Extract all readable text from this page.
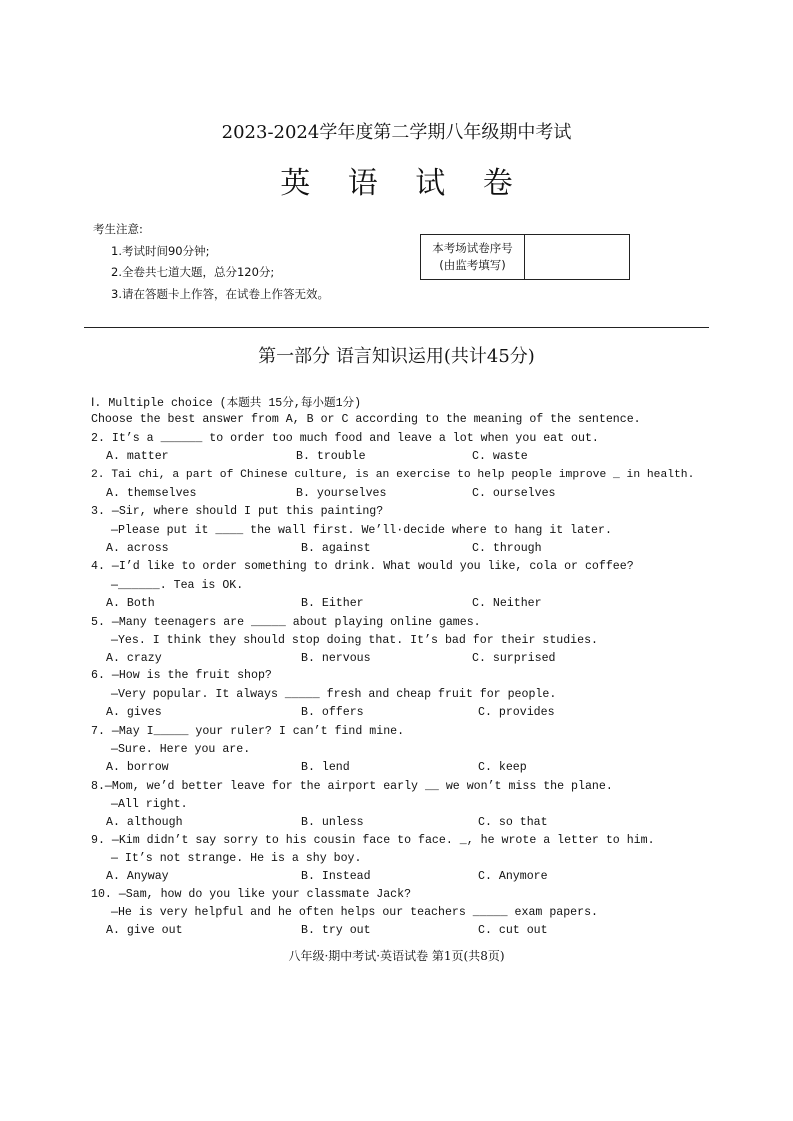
2023-2024学年度第二学期八年级期中考试
英 语 试 卷
考生注意:
1.考试时间90分钟;
2.全卷共七道大题，总分120分;
3.请在答题卡上作答，在试卷上作答无效。
本考场试卷序号
(由监考填写)
第一部分 语言知识运用(共计45分)
Ⅰ. Multiple choice (本题共 15分,每小题1分)
Choose the best answer from A, B or C according to the meaning of the sentence.
2. It’s a ______ to order too much food and leave a lot when you eat out.
A. matter	B. trouble	C. waste
2. Tai chi, a part of Chinese culture, is an exercise to help people improve _ in health.
A. themselves	B. yourselves	C. ourselves
3. —Sir, where should I put this painting?
—Please put it ____ the wall first. We’ll·decide where to hang it later.
A. across	B. against	C. through
4. —I’d like to order something to drink. What would you like, cola or coffee?
—______. Tea is OK.
A. Both	B. Either	C. Neither
5. —Many teenagers are _____ about playing online games.
—Yes. I think they should stop doing that. It’s bad for their studies.
A. crazy	B. nervous	C. surprised
6. —How is the fruit shop?
—Very popular. It always _____ fresh and cheap fruit for people.
A. gives	B. offers	C. provides
7. —May I_____ your ruler? I can’t find mine.
—Sure. Here you are.
A. borrow	B. lend	C. keep
8.—Mom, we’d better leave for the airport early __ we won’t miss the plane.
—All right.
A. although	B. unless	C. so that
9. —Kim didn’t say sorry to his cousin face to face. _, he wrote a letter to him.
— It’s not strange. He is a shy boy.
A. Anyway	B. Instead	C. Anymore
10. —Sam, how do you like your classmate Jack?
—He is very helpful and he often helps our teachers _____ exam papers.
A. give out	B. try out	C. cut out
八年级·期中考试·英语试卷 第1页(共8页)
